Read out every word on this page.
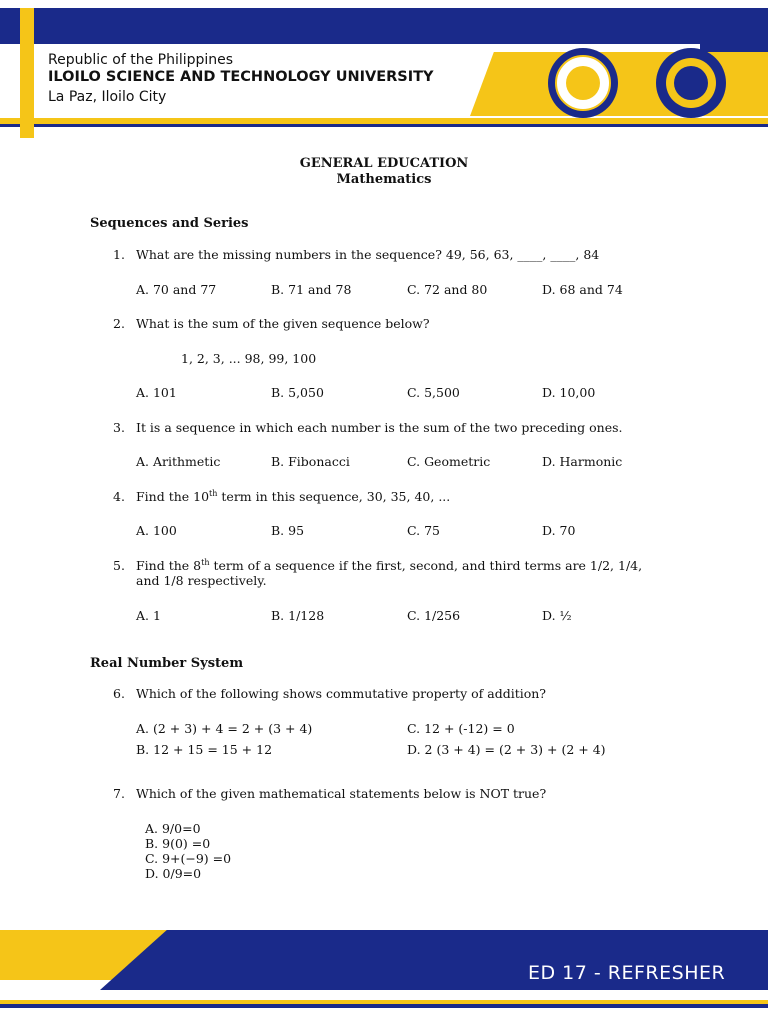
Republic of the Philippines
ILOILO SCIENCE AND TECHNOLOGY UNIVERSITY
La Paz, Iloilo City
GENERAL EDUCATION
Mathematics
Sequences and Series
1. What are the missing numbers in the sequence? 49, 56, 63, ____, ____, 84
A. 70 and 77	B. 71 and 78	C. 72 and 80	D. 68 and 74
2. What is the sum of the given sequence below?
1, 2, 3, ... 98, 99, 100
A. 101	B. 5,050	C. 5,500	D. 10,00
3. It is a sequence in which each number is the sum of the two preceding ones.
A. Arithmetic	B. Fibonacci	C. Geometric	D. Harmonic
4. Find the 10th term in this sequence, 30, 35, 40, ...
A. 100	B. 95	C. 75	D. 70
5. Find the 8th term of a sequence if the first, second, and third terms are 1/2, 1/4,
and 1/8 respectively.
A. 1	B. 1/128	C. 1/256	D. ½
Real Number System
6. Which of the following shows commutative property of addition?
A. (2 + 3) + 4 = 2 + (3 + 4)	C. 12 + (-12) = 0
B. 12 + 15 = 15 + 12	D. 2 (3 + 4) = (2 + 3) + (2 + 4)
7. Which of the given mathematical statements below is NOT true?
A. 9/0=0
B. 9(0) =0
C. 9+(−9) =0
D. 0/9=0
ED 17 - REFRESHER
